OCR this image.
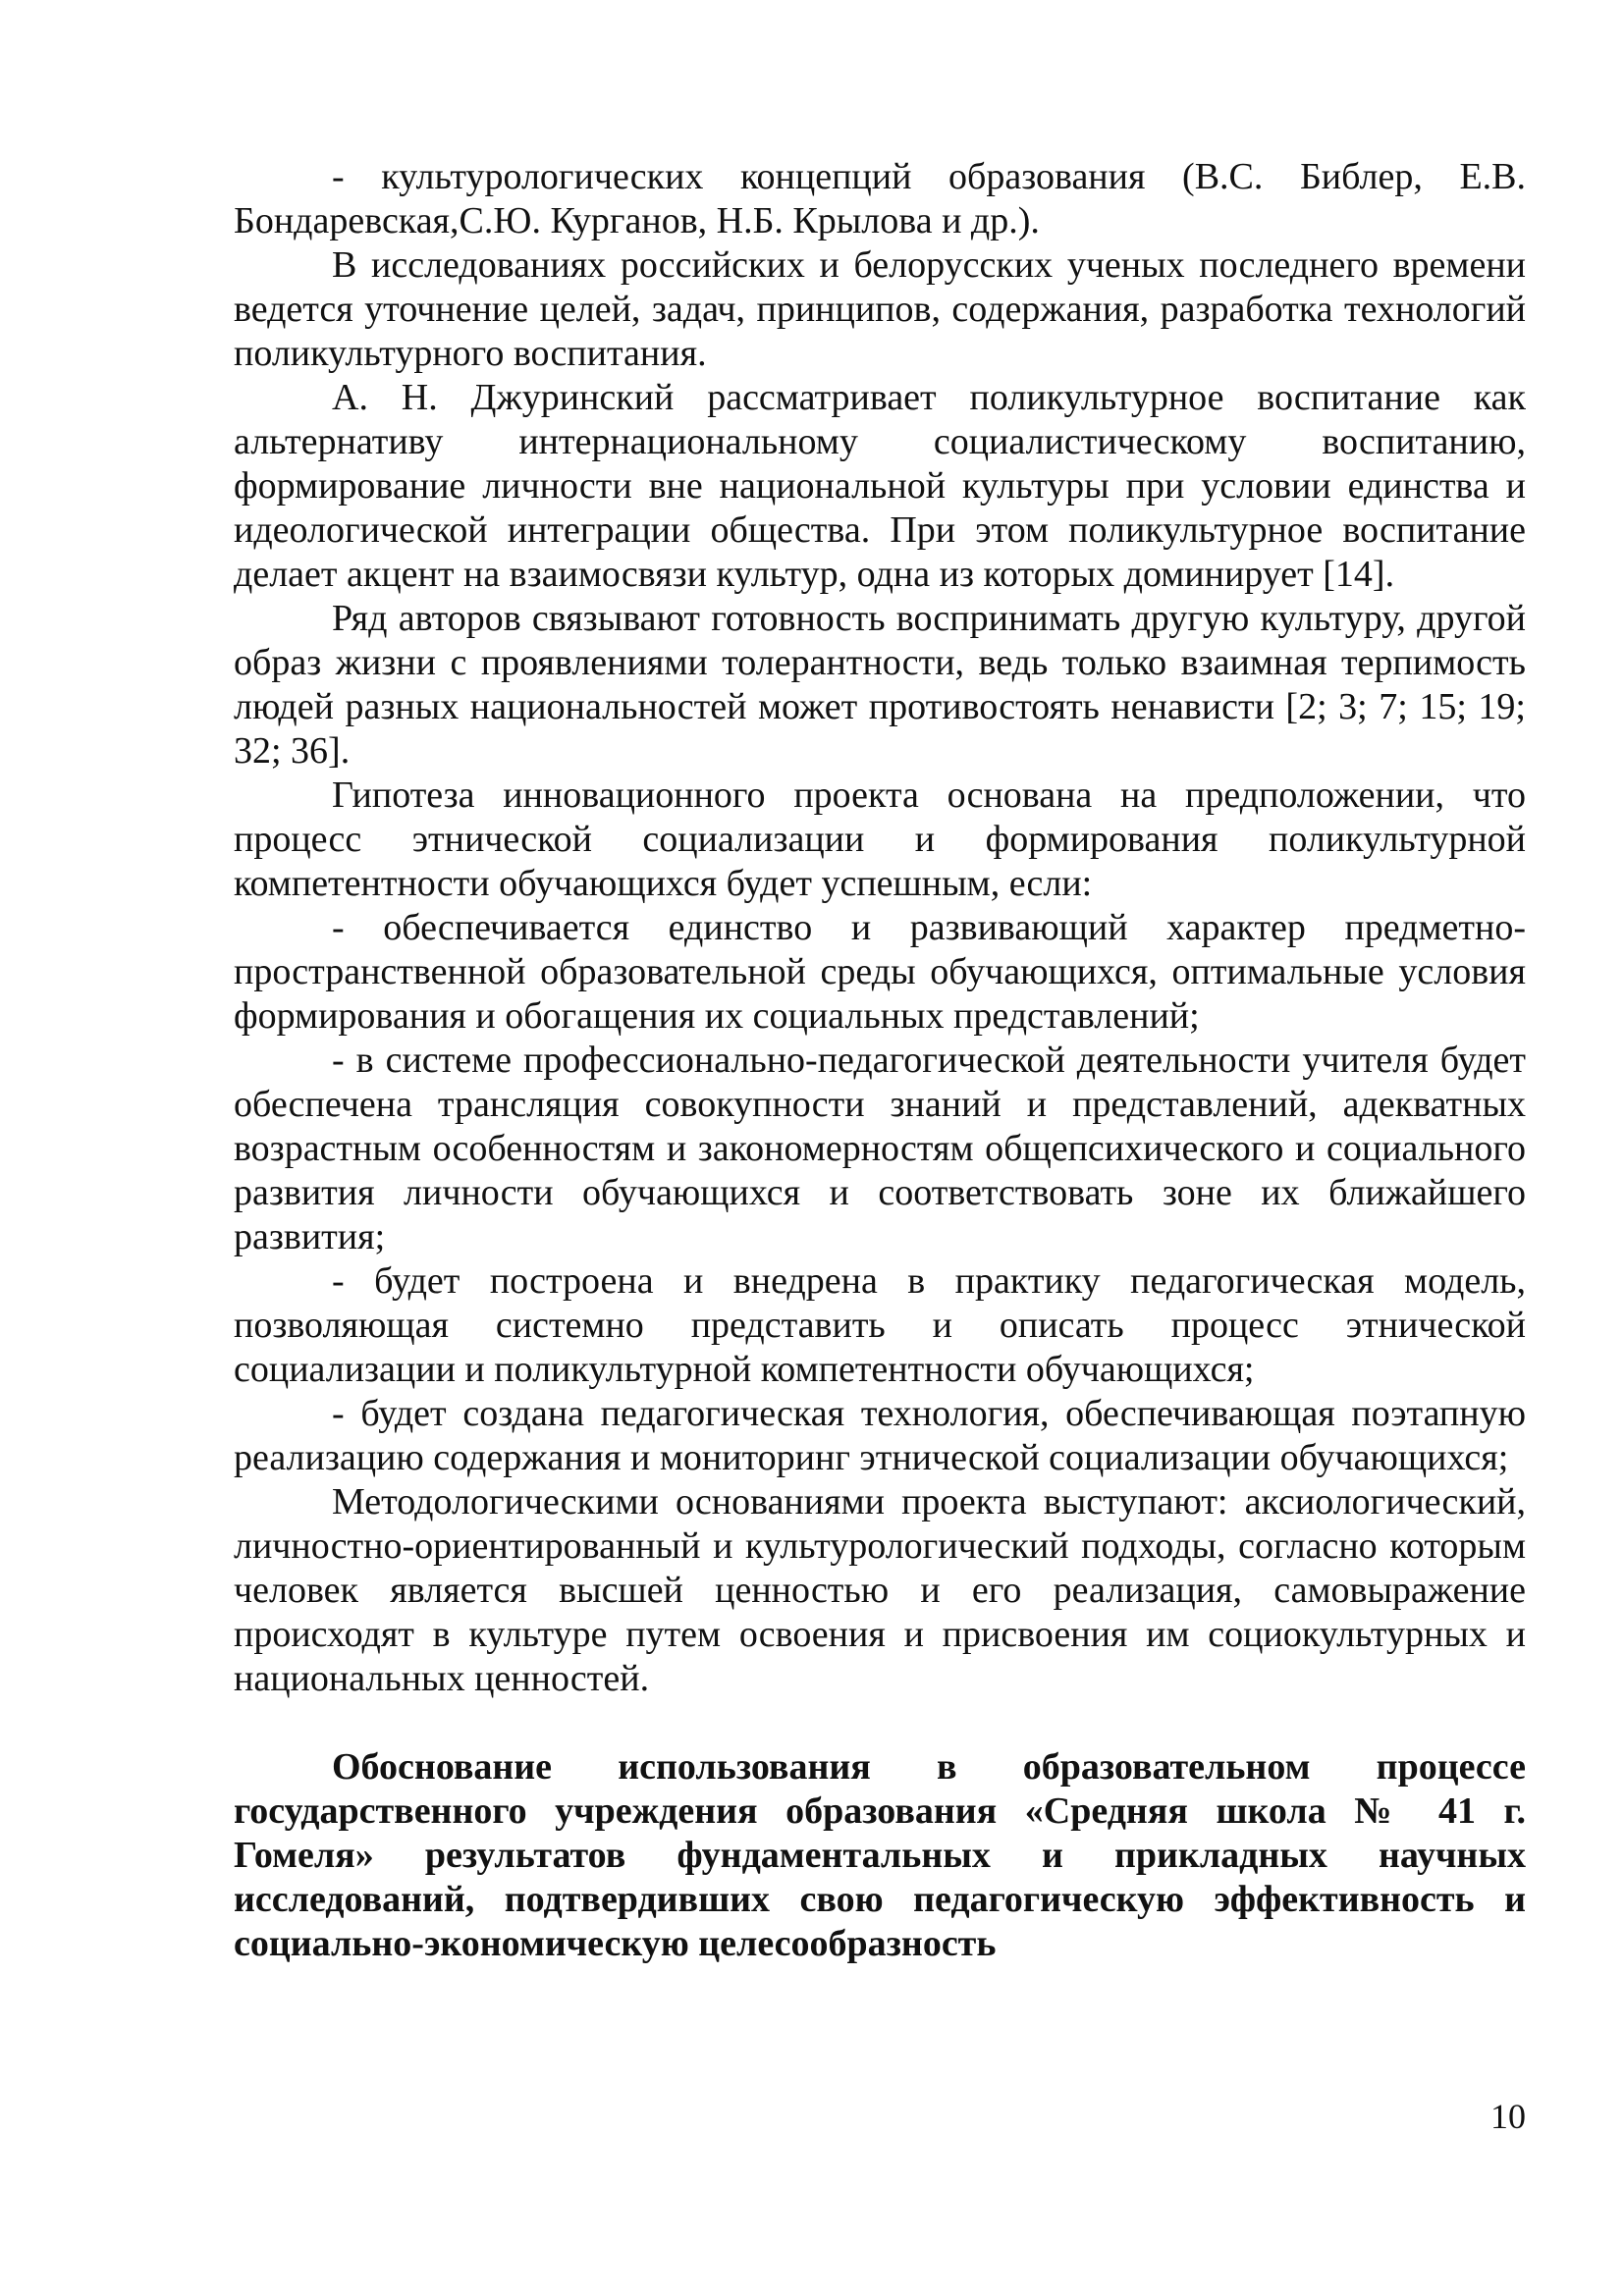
- культурологических концепций образования (В.С. Библер, Е.В. Бондаревская,С.Ю. Курганов, Н.Б. Крылова и др.).

В исследованиях российских и белорусских ученых последнего времени ведется уточнение целей, задач, принципов, содержания, разработка технологий поликультурного воспитания.

А. Н. Джуринский рассматривает поликультурное воспитание как альтернативу интернациональному социалистическому воспитанию, формирование личности вне национальной культуры при условии единства и идеологической интеграции общества. При этом поликультурное воспитание делает акцент на взаимосвязи культур, одна из которых доминирует [14].

Ряд авторов связывают готовность воспринимать другую культуру, другой образ жизни с проявлениями толерантности, ведь только взаимная терпимость людей разных национальностей может противостоять ненависти [2; 3; 7; 15; 19; 32; 36].

Гипотеза инновационного проекта основана на предположении, что процесс этнической социализации и формирования поликультурной компетентности обучающихся будет успешным, если:

- обеспечивается единство и развивающий характер предметно-пространственной образовательной среды обучающихся, оптимальные условия формирования и обогащения их социальных представлений;

- в системе профессионально-педагогической деятельности учителя будет обеспечена трансляция совокупности знаний и представлений, адекватных возрастным особенностям и закономерностям общепсихического и социального развития личности обучающихся и соответствовать зоне их ближайшего развития;

- будет построена и внедрена в практику педагогическая модель, позволяющая системно представить и описать процесс этнической социализации и поликультурной компетентности обучающихся;

- будет создана педагогическая технология, обеспечивающая поэтапную реализацию содержания и мониторинг этнической социализации обучающихся;

Методологическими основаниями проекта выступают: аксиологический, личностно-ориентированный и культурологический подходы, согласно которым человек является высшей ценностью и его реализация, самовыражение происходят в культуре путем освоения и присвоения им социокультурных и национальных ценностей.

Обоснование использования в образовательном процессе государственного учреждения образования «Средняя школа № 41 г. Гомеля» результатов фундаментальных и прикладных научных исследований, подтвердивших свою педагогическую эффективность и социально-экономическую целесообразность

10
